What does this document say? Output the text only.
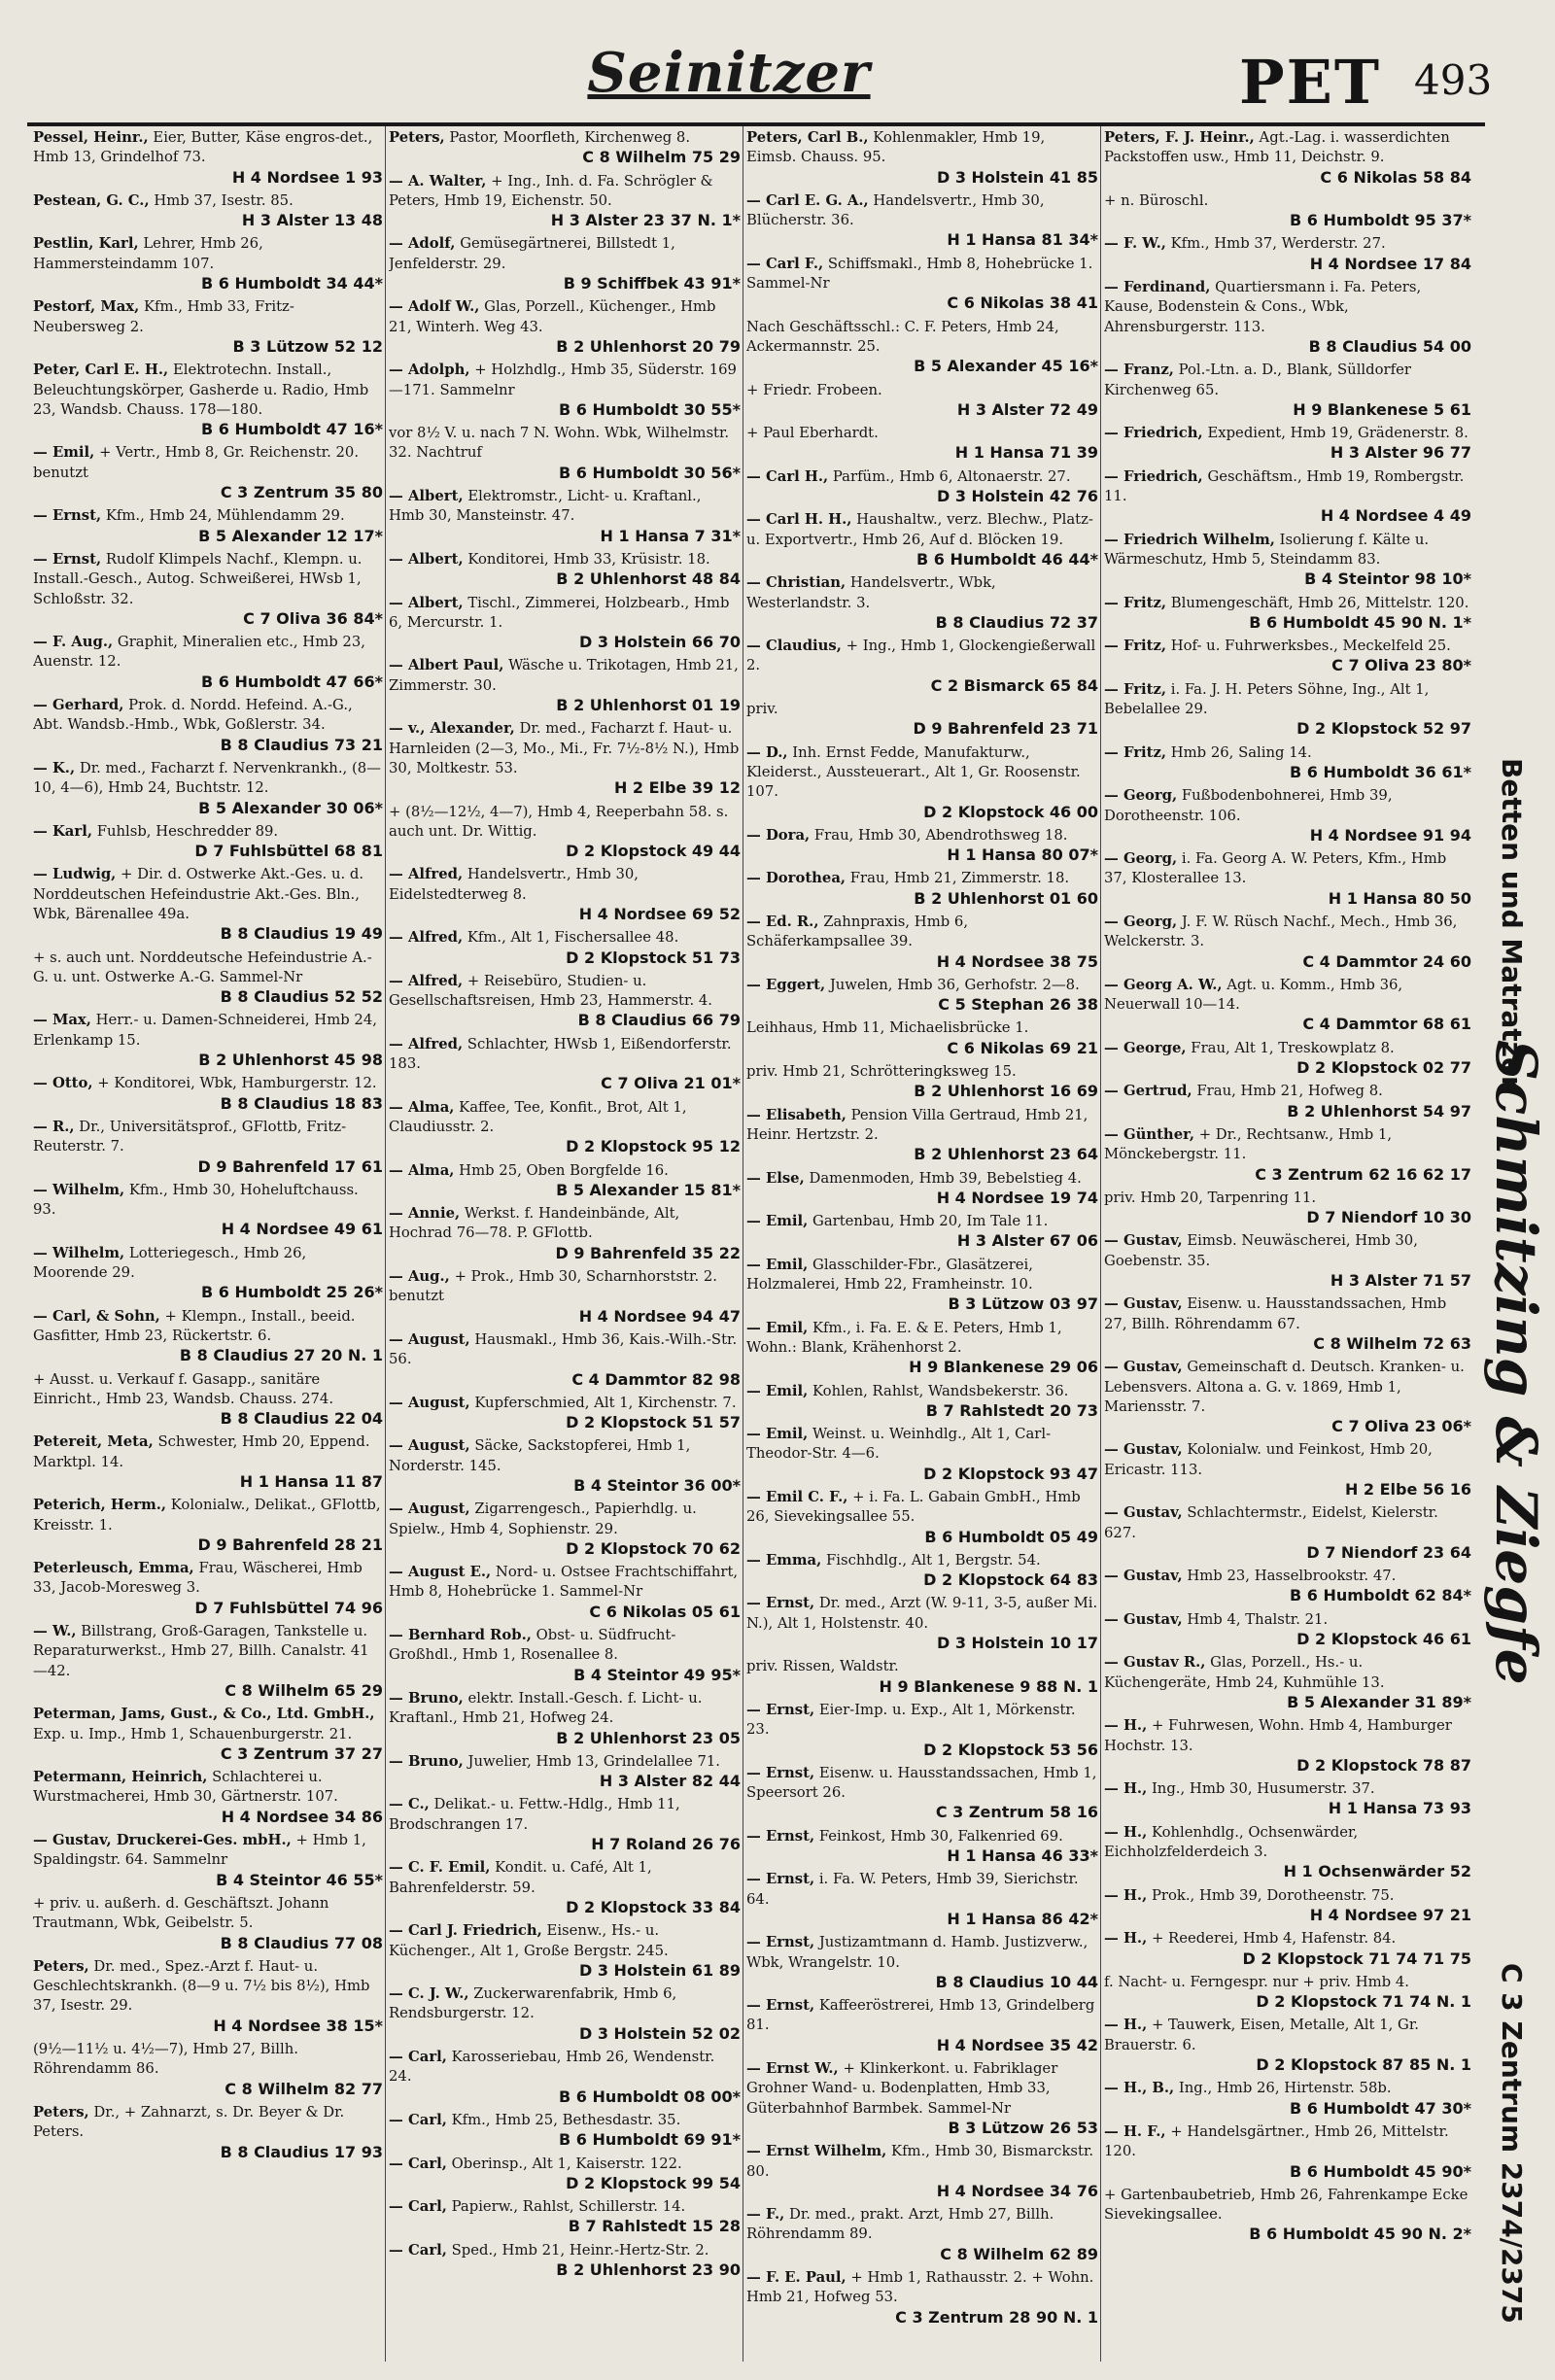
Seinitzer	PET 493
Pessel, Heinr., Eier, Butter, Käse engros-det., Hmb 13, Grindelhof 73.
H 4 Nordsee 1 93
Pestean, G. C., Hmb 37, Isestr. 85.
H 3 Alster 13 48
Pestlin, Karl, Lehrer, Hmb 26, Hammersteindamm 107.
B 6 Humboldt 34 44*
Pestorf, Max, Kfm., Hmb 33, Fritz-Neubersweg 2.
B 3 Lützow 52 12
Peter, Carl E. H., Elektrotechn. Install., Beleuchtungskörper, Gasherde u. Radio, Hmb 23, Wandsb. Chauss. 178—180.
B 6 Humboldt 47 16*
— Emil, + Vertr., Hmb 8, Gr. Reichenstr. 20. benutzt
C 3 Zentrum 35 80
— Ernst, Kfm., Hmb 24, Mühlendamm 29.
B 5 Alexander 12 17*
— Ernst, Rudolf Klimpels Nachf., Klempn. u. Install.-Gesch., Autog. Schweißerei, HWsb 1, Schloßstr. 32.
C 7 Oliva 36 84*
— F. Aug., Graphit, Mineralien etc., Hmb 23, Auenstr. 12.
B 6 Humboldt 47 66*
— Gerhard, Prok. d. Nordd. Hefeind. A.-G., Abt. Wandsb.-Hmb., Wbk, Goßlerstr. 34.
B 8 Claudius 73 21
— K., Dr. med., Facharzt f. Nervenkrankh., (8—10, 4—6), Hmb 24, Buchtstr. 12.
B 5 Alexander 30 06*
— Karl, Fuhlsb, Heschredder 89.
D 7 Fuhlsbüttel 68 81
— Ludwig, + Dir. d. Ostwerke Akt.-Ges. u. d. Norddeutschen Hefeindustrie Akt.-Ges. Bln., Wbk, Bärenallee 49a.
B 8 Claudius 19 49
+ s. auch unt. Norddeutsche Hefeindustrie A.-G. u. unt. Ostwerke A.-G. Sammel-Nr
B 8 Claudius 52 52
— Max, Herr.- u. Damen-Schneiderei, Hmb 24, Erlenkamp 15.
B 2 Uhlenhorst 45 98
— Otto, + Konditorei, Wbk, Hamburgerstr. 12.
B 8 Claudius 18 83
— R., Dr., Universitätsprof., GFlottb, Fritz-Reuterstr. 7.
D 9 Bahrenfeld 17 61
— Wilhelm, Kfm., Hmb 30, Hoheluftchauss. 93.
H 4 Nordsee 49 61
— Wilhelm, Lotteriegesch., Hmb 26, Moorende 29.
B 6 Humboldt 25 26*
— Carl, & Sohn, + Klempn., Install., beeid. Gasfitter, Hmb 23, Rückertstr. 6.
B 8 Claudius 27 20 N. 1
+ Ausst. u. Verkauf f. Gasapp., sanitäre Einricht., Hmb 23, Wandsb. Chauss. 274.
B 8 Claudius 22 04
Petereit, Meta, Schwester, Hmb 20, Eppend. Marktpl. 14.
H 1 Hansa 11 87
Peterich, Herm., Kolonialw., Delikat., GFlottb, Kreisstr. 1.
D 9 Bahrenfeld 28 21
Peterleusch, Emma, Frau, Wäscherei, Hmb 33, Jacob-Moresweg 3.
D 7 Fuhlsbüttel 74 96
— W., Billstrang, Groß-Garagen, Tankstelle u. Reparaturwerkst., Hmb 27, Billh. Canalstr. 41—42.
C 8 Wilhelm 65 29
Peterman, Jams, Gust., & Co., Ltd. GmbH., Exp. u. Imp., Hmb 1, Schauenburgerstr. 21.
C 3 Zentrum 37 27
Petermann, Heinrich, Schlachterei u. Wurstmacherei, Hmb 30, Gärtnerstr. 107.
H 4 Nordsee 34 86
— Gustav, Druckerei-Ges. mbH., + Hmb 1, Spaldingstr. 64. Sammelnr
B 4 Steintor 46 55*
+ priv. u. außerh. d. Geschäftszt. Johann Trautmann, Wbk, Geibelstr. 5.
B 8 Claudius 77 08
Peters, Dr. med., Spez.-Arzt f. Haut- u. Geschlechtskrankh. (8—9 u. 7½ bis 8½), Hmb 37, Isestr. 29.
H 4 Nordsee 38 15*
(9½—11½ u. 4½—7), Hmb 27, Billh. Röhrendamm 86.
C 8 Wilhelm 82 77
Peters, Dr., + Zahnarzt, s. Dr. Beyer & Dr. Peters.
B 8 Claudius 17 93
Peters, Pastor, Moorfleth, Kirchenweg 8.
C 8 Wilhelm 75 29
— A. Walter, + Ing., Inh. d. Fa. Schrögler & Peters, Hmb 19, Eichenstr. 50.
H 3 Alster 23 37 N. 1*
— Adolf, Gemüsegärtnerei, Billstedt 1, Jenfelderstr. 29.
B 9 Schiffbek 43 91*
— Adolf W., Glas, Porzell., Küchenger., Hmb 21, Winterh. Weg 43.
B 2 Uhlenhorst 20 79
— Adolph, + Holzhdlg., Hmb 35, Süderstr. 169—171. Sammelnr
B 6 Humboldt 30 55*
vor 8½ V. u. nach 7 N. Wohn. Wbk, Wilhelmstr. 32. Nachtruf
B 6 Humboldt 30 56*
— Albert, Elektromstr., Licht- u. Kraftanl., Hmb 30, Mansteinstr. 47.
H 1 Hansa 7 31*
— Albert, Konditorei, Hmb 33, Krüsistr. 18.
B 2 Uhlenhorst 48 84
— Albert, Tischl., Zimmerei, Holzbearb., Hmb 6, Mercurstr. 1.
D 3 Holstein 66 70
— Albert Paul, Wäsche u. Trikotagen, Hmb 21, Zimmerstr. 30.
B 2 Uhlenhorst 01 19
— v., Alexander, Dr. med., Facharzt f. Haut- u. Harnleiden (2—3, Mo., Mi., Fr. 7½-8½ N.), Hmb 30, Moltkestr. 53.
H 2 Elbe 39 12
+ (8½—12½, 4—7), Hmb 4, Reeperbahn 58. s. auch unt. Dr. Wittig.
D 2 Klopstock 49 44
— Alfred, Handelsvertr., Hmb 30, Eidelstedterweg 8.
H 4 Nordsee 69 52
— Alfred, Kfm., Alt 1, Fischersallee 48.
D 2 Klopstock 51 73
— Alfred, + Reisebüro, Studien- u. Gesellschaftsreisen, Hmb 23, Hammerstr. 4.
B 8 Claudius 66 79
— Alfred, Schlachter, HWsb 1, Eißendorferstr. 183.
C 7 Oliva 21 01*
— Alma, Kaffee, Tee, Konfit., Brot, Alt 1, Claudiusstr. 2.
D 2 Klopstock 95 12
— Alma, Hmb 25, Oben Borgfelde 16.
B 5 Alexander 15 81*
— Annie, Werkst. f. Handeinbände, Alt, Hochrad 76—78. P. GFlottb.
D 9 Bahrenfeld 35 22
— Aug., + Prok., Hmb 30, Scharnhorststr. 2. benutzt
H 4 Nordsee 94 47
— August, Hausmakl., Hmb 36, Kais.-Wilh.-Str. 56.
C 4 Dammtor 82 98
— August, Kupferschmied, Alt 1, Kirchenstr. 7.
D 2 Klopstock 51 57
— August, Säcke, Sackstopferei, Hmb 1, Norderstr. 145.
B 4 Steintor 36 00*
— August, Zigarrengesch., Papierhdlg. u. Spielw., Hmb 4, Sophienstr. 29.
D 2 Klopstock 70 62
— August E., Nord- u. Ostsee Frachtschiffahrt, Hmb 8, Hohebrücke 1. Sammel-Nr
C 6 Nikolas 05 61
— Bernhard Rob., Obst- u. Südfrucht-Großhdl., Hmb 1, Rosenallee 8.
B 4 Steintor 49 95*
— Bruno, elektr. Install.-Gesch. f. Licht- u. Kraftanl., Hmb 21, Hofweg 24.
B 2 Uhlenhorst 23 05
— Bruno, Juwelier, Hmb 13, Grindelallee 71.
H 3 Alster 82 44
— C., Delikat.- u. Fettw.-Hdlg., Hmb 11, Brodschrangen 17.
H 7 Roland 26 76
— C. F. Emil, Kondit. u. Café, Alt 1, Bahrenfelderstr. 59.
D 2 Klopstock 33 84
— Carl J. Friedrich, Eisenw., Hs.- u. Küchenger., Alt 1, Große Bergstr. 245.
D 3 Holstein 61 89
— C. J. W., Zuckerwarenfabrik, Hmb 6, Rendsburgerstr. 12.
D 3 Holstein 52 02
— Carl, Karosseriebau, Hmb 26, Wendenstr. 24.
B 6 Humboldt 08 00*
— Carl, Kfm., Hmb 25, Bethesdastr. 35.
B 6 Humboldt 69 91*
— Carl, Oberinsp., Alt 1, Kaiserstr. 122.
D 2 Klopstock 99 54
— Carl, Papierw., Rahlst, Schillerstr. 14.
B 7 Rahlstedt 15 28
— Carl, Sped., Hmb 21, Heinr.-Hertz-Str. 2.
B 2 Uhlenhorst 23 90
Peters, Carl B., Kohlenmakler, Hmb 19, Eimsb. Chauss. 95.
D 3 Holstein 41 85
— Carl E. G. A., Handelsvertr., Hmb 30, Blücherstr. 36.
H 1 Hansa 81 34*
— Carl F., Schiffsmakl., Hmb 8, Hohebrücke 1. Sammel-Nr
C 6 Nikolas 38 41
Nach Geschäftsschl.: C. F. Peters, Hmb 24, Ackermannstr. 25.
B 5 Alexander 45 16*
+ Friedr. Frobeen.
H 3 Alster 72 49
+ Paul Eberhardt.
H 1 Hansa 71 39
— Carl H., Parfüm., Hmb 6, Altonaerstr. 27.
D 3 Holstein 42 76
— Carl H. H., Haushaltw., verz. Blechw., Platz- u. Exportvertr., Hmb 26, Auf d. Blöcken 19.
B 6 Humboldt 46 44*
— Christian, Handelsvertr., Wbk, Westerlandstr. 3.
B 8 Claudius 72 37
— Claudius, + Ing., Hmb 1, Glockengießerwall 2.
C 2 Bismarck 65 84
priv.
D 9 Bahrenfeld 23 71
— D., Inh. Ernst Fedde, Manufakturw., Kleiderst., Aussteuerart., Alt 1, Gr. Roosenstr. 107.
D 2 Klopstock 46 00
— Dora, Frau, Hmb 30, Abendrothsweg 18.
H 1 Hansa 80 07*
— Dorothea, Frau, Hmb 21, Zimmerstr. 18.
B 2 Uhlenhorst 01 60
— Ed. R., Zahnpraxis, Hmb 6, Schäferkampsallee 39.
H 4 Nordsee 38 75
— Eggert, Juwelen, Hmb 36, Gerhofstr. 2—8.
C 5 Stephan 26 38
Leihhaus, Hmb 11, Michaelisbrücke 1.
C 6 Nikolas 69 21
priv. Hmb 21, Schrötteringksweg 15.
B 2 Uhlenhorst 16 69
— Elisabeth, Pension Villa Gertraud, Hmb 21, Heinr. Hertzstr. 2.
B 2 Uhlenhorst 23 64
— Else, Damenmoden, Hmb 39, Bebelstieg 4.
H 4 Nordsee 19 74
— Emil, Gartenbau, Hmb 20, Im Tale 11.
H 3 Alster 67 06
— Emil, Glasschilder-Fbr., Glasätzerei, Holzmalerei, Hmb 22, Framheinstr. 10.
B 3 Lützow 03 97
— Emil, Kfm., i. Fa. E. & E. Peters, Hmb 1, Wohn.: Blank, Krähenhorst 2.
H 9 Blankenese 29 06
— Emil, Kohlen, Rahlst, Wandsbekerstr. 36.
B 7 Rahlstedt 20 73
— Emil, Weinst. u. Weinhdlg., Alt 1, Carl-Theodor-Str. 4—6.
D 2 Klopstock 93 47
— Emil C. F., + i. Fa. L. Gabain GmbH., Hmb 26, Sievekingsallee 55.
B 6 Humboldt 05 49
— Emma, Fischhdlg., Alt 1, Bergstr. 54.
D 2 Klopstock 64 83
— Ernst, Dr. med., Arzt (W. 9-11, 3-5, außer Mi. N.), Alt 1, Holstenstr. 40.
D 3 Holstein 10 17
priv. Rissen, Waldstr.
H 9 Blankenese 9 88 N. 1
— Ernst, Eier-Imp. u. Exp., Alt 1, Mörkenstr. 23.
D 2 Klopstock 53 56
— Ernst, Eisenw. u. Hausstandssachen, Hmb 1, Speersort 26.
C 3 Zentrum 58 16
— Ernst, Feinkost, Hmb 30, Falkenried 69.
H 1 Hansa 46 33*
— Ernst, i. Fa. W. Peters, Hmb 39, Sierichstr. 64.
H 1 Hansa 86 42*
— Ernst, Justizamtmann d. Hamb. Justizverw., Wbk, Wrangelstr. 10.
B 8 Claudius 10 44
— Ernst, Kaffeeröstrerei, Hmb 13, Grindelberg 81.
H 4 Nordsee 35 42
— Ernst W., + Klinkerkont. u. Fabriklager Grohner Wand- u. Bodenplatten, Hmb 33, Güterbahnhof Barmbek. Sammel-Nr
B 3 Lützow 26 53
— Ernst Wilhelm, Kfm., Hmb 30, Bismarckstr. 80.
H 4 Nordsee 34 76
— F., Dr. med., prakt. Arzt, Hmb 27, Billh. Röhrendamm 89.
C 8 Wilhelm 62 89
— F. E. Paul, + Hmb 1, Rathausstr. 2. + Wohn. Hmb 21, Hofweg 53.
C 3 Zentrum 28 90 N. 1
Peters, F. J. Heinr., Agt.-Lag. i. wasserdichten Packstoffen usw., Hmb 11, Deichstr. 9.
C 6 Nikolas 58 84
+ n. Büroschl.
B 6 Humboldt 95 37*
— F. W., Kfm., Hmb 37, Werderstr. 27.
H 4 Nordsee 17 84
— Ferdinand, Quartiersmann i. Fa. Peters, Kause, Bodenstein & Cons., Wbk, Ahrensburgerstr. 113.
B 8 Claudius 54 00
— Franz, Pol.-Ltn. a. D., Blank, Sülldorfer Kirchenweg 65.
H 9 Blankenese 5 61
— Friedrich, Expedient, Hmb 19, Grädenerstr. 8.
H 3 Alster 96 77
— Friedrich, Geschäftsm., Hmb 19, Rombergstr. 11.
H 4 Nordsee 4 49
— Friedrich Wilhelm, Isolierung f. Kälte u. Wärmeschutz, Hmb 5, Steindamm 83.
B 4 Steintor 98 10*
— Fritz, Blumengeschäft, Hmb 26, Mittelstr. 120.
B 6 Humboldt 45 90 N. 1*
— Fritz, Hof- u. Fuhrwerksbes., Meckelfeld 25.
C 7 Oliva 23 80*
— Fritz, i. Fa. J. H. Peters Söhne, Ing., Alt 1, Bebelallee 29.
D 2 Klopstock 52 97
— Fritz, Hmb 26, Saling 14.
B 6 Humboldt 36 61*
— Georg, Fußbodenbohnerei, Hmb 39, Dorotheenstr. 106.
H 4 Nordsee 91 94
— Georg, i. Fa. Georg A. W. Peters, Kfm., Hmb 37, Klosterallee 13.
H 1 Hansa 80 50
— Georg, J. F. W. Rüsch Nachf., Mech., Hmb 36, Welckerstr. 3.
C 4 Dammtor 24 60
— Georg A. W., Agt. u. Komm., Hmb 36, Neuerwall 10—14.
C 4 Dammtor 68 61
— George, Frau, Alt 1, Treskowplatz 8.
D 2 Klopstock 02 77
— Gertrud, Frau, Hmb 21, Hofweg 8.
B 2 Uhlenhorst 54 97
— Günther, + Dr., Rechtsanw., Hmb 1, Mönckebergstr. 11.
C 3 Zentrum 62 16 62 17
priv. Hmb 20, Tarpenring 11.
D 7 Niendorf 10 30
— Gustav, Eimsb. Neuwäscherei, Hmb 30, Goebenstr. 35.
H 3 Alster 71 57
— Gustav, Eisenw. u. Hausstandssachen, Hmb 27, Billh. Röhrendamm 67.
C 8 Wilhelm 72 63
— Gustav, Gemeinschaft d. Deutsch. Kranken- u. Lebensvers. Altona a. G. v. 1869, Hmb 1, Mariensstr. 7.
C 7 Oliva 23 06*
— Gustav, Kolonialw. und Feinkost, Hmb 20, Ericastr. 113.
H 2 Elbe 56 16
— Gustav, Schlachtermstr., Eidelst, Kielerstr. 627.
D 7 Niendorf 23 64
— Gustav, Hmb 23, Hasselbrookstr. 47.
B 6 Humboldt 62 84*
— Gustav, Hmb 4, Thalstr. 21.
D 2 Klopstock 46 61
— Gustav R., Glas, Porzell., Hs.- u. Küchengeräte, Hmb 24, Kuhmühle 13.
B 5 Alexander 31 89*
— H., + Fuhrwesen, Wohn. Hmb 4, Hamburger Hochstr. 13.
D 2 Klopstock 78 87
— H., Ing., Hmb 30, Husumerstr. 37.
H 1 Hansa 73 93
— H., Kohlenhdlg., Ochsenwärder, Eichholzfelderdeich 3.
H 1 Ochsenwärder 52
— H., Prok., Hmb 39, Dorotheenstr. 75.
H 4 Nordsee 97 21
— H., + Reederei, Hmb 4, Hafenstr. 84.
D 2 Klopstock 71 74 71 75
f. Nacht- u. Ferngespr. nur + priv. Hmb 4.
D 2 Klopstock 71 74 N. 1
— H., + Tauwerk, Eisen, Metalle, Alt 1, Gr. Brauerstr. 6.
D 2 Klopstock 87 85 N. 1
— H., B., Ing., Hmb 26, Hirtenstr. 58b.
B 6 Humboldt 47 30*
— H. F., + Handelsgärtner., Hmb 26, Mittelstr. 120.
B 6 Humboldt 45 90*
+ Gartenbaubetrieb, Hmb 26, Fahrenkampe Ecke Sievekingsallee.
B 6 Humboldt 45 90 N. 2*
Betten und Matratzen
Schmitzing & Ziegfe
C 3 Zentrum 2374/2375
